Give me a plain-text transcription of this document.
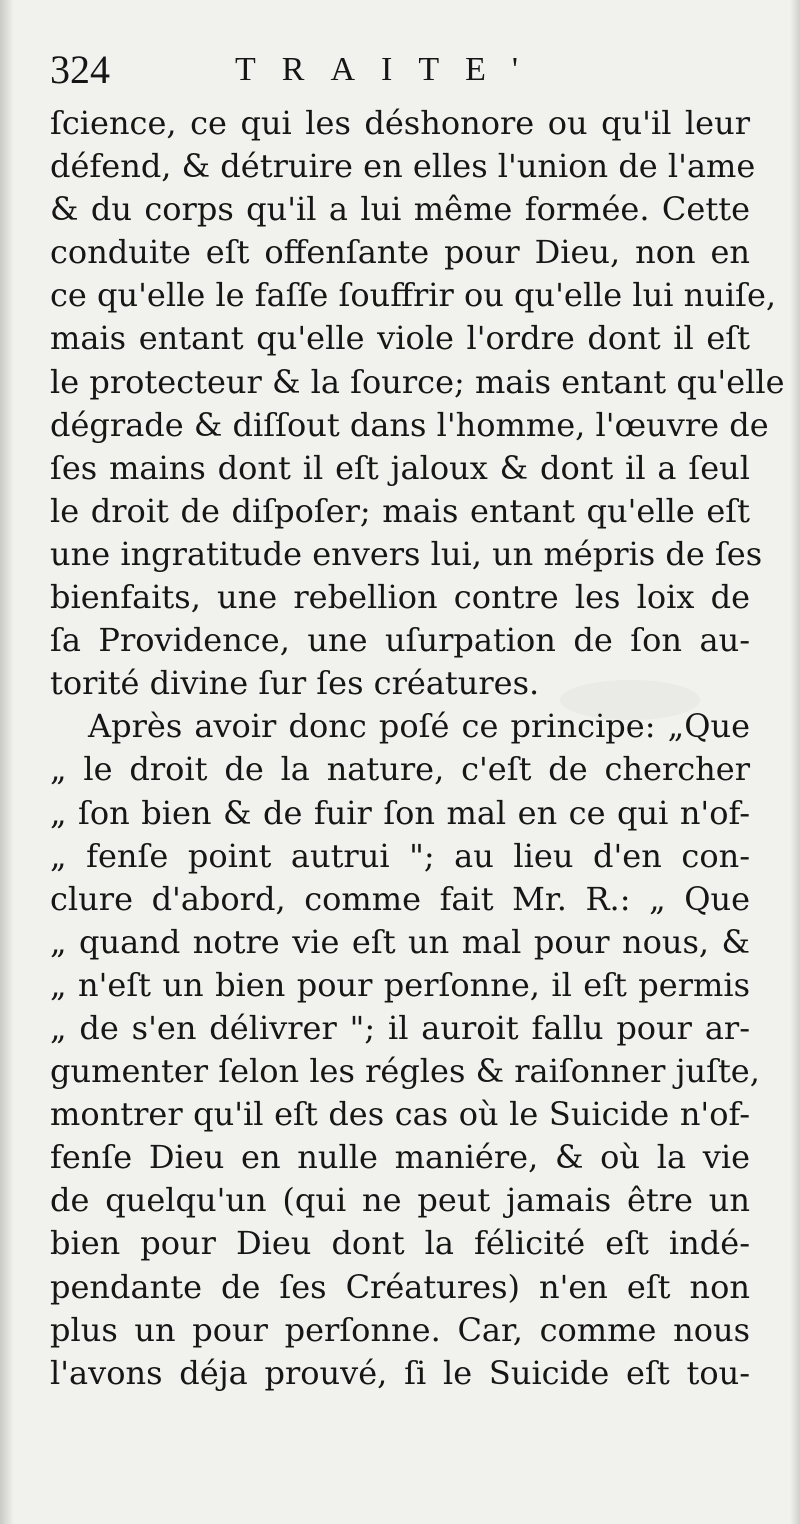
324	TRAITE'
ſcience, ce qui les déshonore ou qu'il leur
défend, & détruire en elles l'union de l'ame
& du corps qu'il a lui même formée. Cette
conduite eſt offenſante pour Dieu, non en
ce qu'elle le faſſe ſouffrir ou qu'elle lui nuiſe,
mais entant qu'elle viole l'ordre dont il eſt
le protecteur & la ſource; mais entant qu'elle
dégrade & diſſout dans l'homme, l'œuvre de
ſes mains dont il eſt jaloux & dont il a ſeul
le droit de diſpoſer; mais entant qu'elle eſt
une ingratitude envers lui, un mépris de ſes
bienfaits, une rebellion contre les loix de
ſa Providence, une uſurpation de ſon au-
torité divine ſur ſes créatures.
Après avoir donc poſé ce principe: „Que
„ le droit de la nature, c'eſt de chercher
„ ſon bien & de fuir ſon mal en ce qui n'of-
„ fenſe point autrui "; au lieu d'en con-
clure d'abord, comme fait Mr. R.: „ Que
„ quand notre vie eſt un mal pour nous, &
„ n'eſt un bien pour perſonne, il eſt permis
„ de s'en délivrer "; il auroit fallu pour ar-
gumenter ſelon les régles & raiſonner juſte,
montrer qu'il eſt des cas où le Suicide n'of-
fenſe Dieu en nulle maniére, & où la vie
de quelqu'un (qui ne peut jamais être un
bien pour Dieu dont la félicité eſt indé-
pendante de ſes Créatures) n'en eſt non
plus un pour perſonne. Car, comme nous
l'avons déja prouvé, ſi le Suicide eſt tou-
